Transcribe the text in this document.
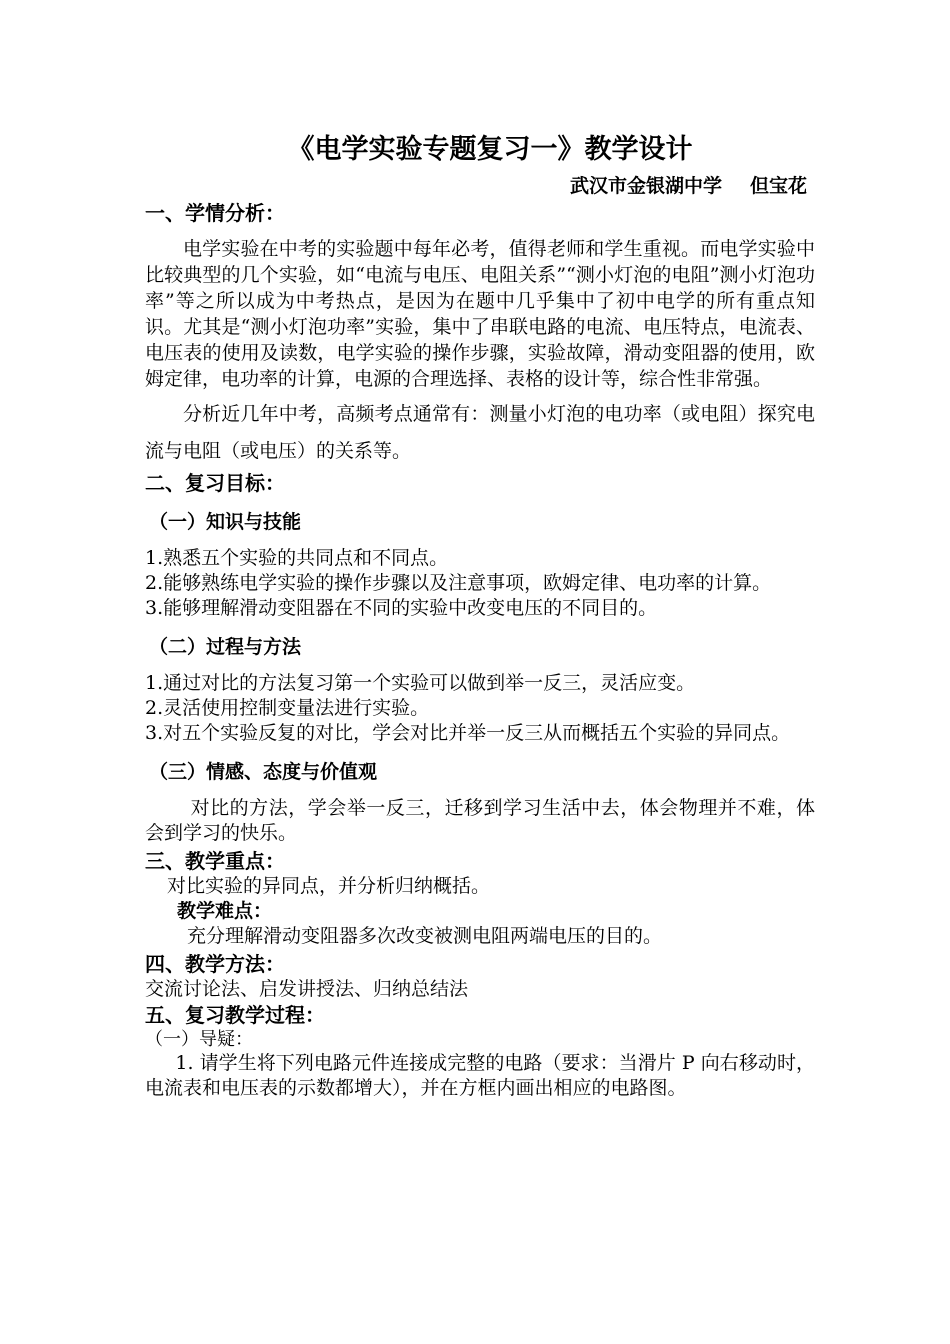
《电学实验专题复习一》教学设计
武汉市金银湖中学 但宝花
一、学情分析：

电学实验在中考的实验题中每年必考，值得老师和学生重视。而电学实验中比较典型的几个实验，如“电流与电压、电阻关系”“测小灯泡的电阻”测小灯泡功率”等之所以成为中考热点，是因为在题中几乎集中了初中电学的所有重点知识。尤其是“测小灯泡功率”实验，集中了串联电路的电流、电压特点，电流表、电压表的使用及读数，电学实验的操作步骤，实验故障，滑动变阻器的使用，欧姆定律，电功率的计算，电源的合理选择、表格的设计等，综合性非常强。

分析近几年中考，高频考点通常有：测量小灯泡的电功率（或电阻）探究电流与电阻（或电压）的关系等。

二、复习目标：
（一）知识与技能

1.熟悉五个实验的共同点和不同点。

2.能够熟练电学实验的操作步骤以及注意事项，欧姆定律、电功率的计算。

3.能够理解滑动变阻器在不同的实验中改变电压的不同目的。

（二）过程与方法

1.通过对比的方法复习第一个实验可以做到举一反三，灵活应变。

2.灵活使用控制变量法进行实验。

3.对五个实验反复的对比，学会对比并举一反三从而概括五个实验的异同点。

（三）情感、态度与价值观

对比的方法，学会举一反三，迁移到学习生活中去，体会物理并不难，体会到学习的快乐。

三、教学重点：

对比实验的异同点，并分析归纳概括。

教学难点：

充分理解滑动变阻器多次改变被测电阻两端电压的目的。

四、教学方法：

交流讨论法、启发讲授法、归纳总结法

五、复习教学过程：

（一）导疑：

1. 请学生将下列电路元件连接成完整的电路（要求：当滑片 P 向右移动时，电流表和电压表的示数都增大），并在方框内画出相应的电路图。
